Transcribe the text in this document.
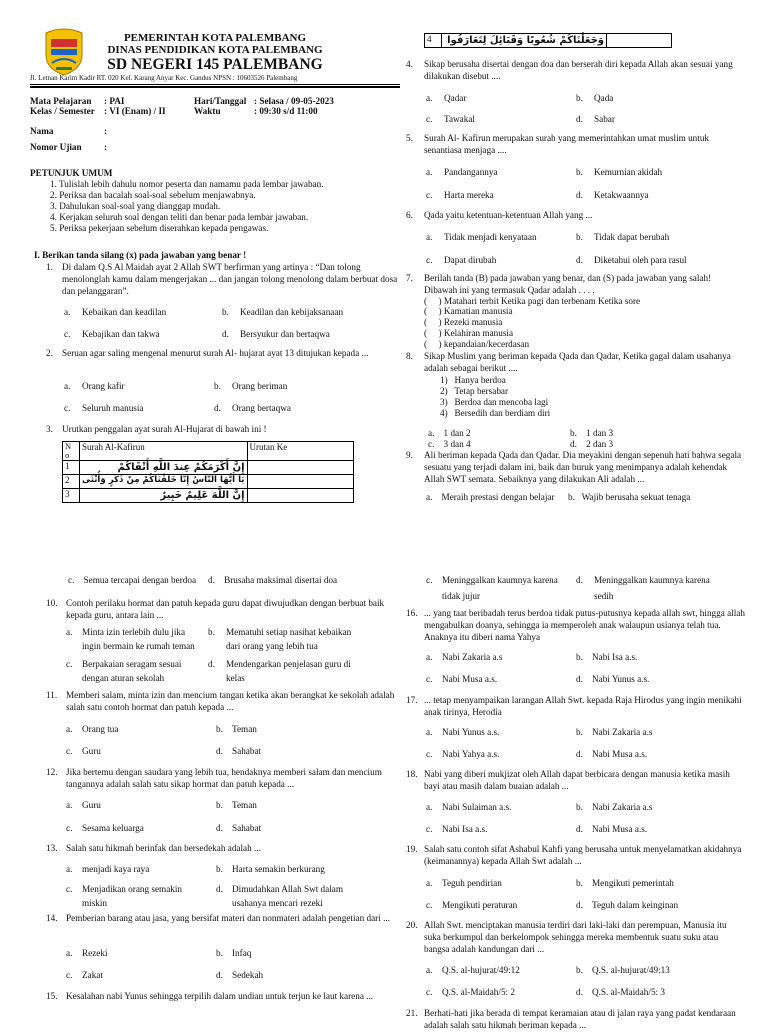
PEMERINTAH KOTA PALEMBANG
DINAS PENDIDIKAN KOTA PALEMBANG
SD NEGERI 145 PALEMBANG
Jl. Letnan Karim Kadir RT. 020 Kel. Karang Anyar Kec. Gandus NPSN : 10603526 Palembang
Mata Pelajaran : PAI
Kelas / Semester : VI (Enam) / II
Hari/Tanggal : Selasa / 09-05-2023
Waktu	: 09:30 s/d 11:00
Nama	:
Nomor Ujian :
PETUNJUK UMUM
1. Tulislah lebih dahulu nomor peserta dan namamu pada lembar jawaban.
2. Periksa dan bacalah soal-soal sebelum menjawabnya.
3. Dahulukan soal-soal yang dianggap mudah.
4. Kerjakan seluruh soal dengan teliti dan benar pada lembar jawaban.
5. Periksa pekerjaan sebelum diserahkan kepada pengawas.
I. Berikan tanda silang (x) pada jawaban yang benar !
1. Di dalam Q.S Al Maidah ayat 2 Allah SWT berfirman yang artinya : “Dan tolong menolonglah kamu dalam mengerjakan ... dan jangan tolong menolong dalam berbuat dosa dan pelanggaran”.
a. Kebaikan dan keadilan	b. Keadilan dan kebijaksanaan
c. Kebajikan dan takwa	d. Bersyukur dan bertaqwa
2. Seruan agar saling mengenal menurut surah Al- hujarat ayat 13 ditujukan kepada ...
a. Orang kafir	b. Orang beriman
c. Seluruh manusia	d. Orang bertaqwa
3. Urutkan penggalan ayat surah Al-Hujarat di bawah ini !
N o	Surah Al-Kafirun	Urutan Ke
1	إِنَّ أَكْرَمَكُمْ عِندَ اللَّهِ أَتْقَاكُمْ	
2	يَا أَيُّهَا النَّاسُ إِنَّا خَلَقْنَاكُمْ مِنْ ذَكَرٍ وَأُنْثَى	
3	إِنَّ اللَّهَ عَلِيمٌ خَبِيرٌ	
4	وَجَعَلْنَاكُمْ شُعُوبًا وَقَبَائِلَ لِتَعَارَفُوا	
4. Sikap berusaha disertai dengan doa dan berserah diri kepada Allah akan sesuai yang dilakukan disebut ....
a. Qadar	b. Qada
c. Tawakal	d. Sabar
5. Surah Al- Kafirun merupakan surah yang memerintahkan umat muslim untuk senantiasa menjaga ....
a. Pandangannya	b. Kemurnian akidah
c. Harta mereka	d. Ketakwaannya
6. Qada yaitu ketentuan-ketentuan Allah yang ...
a. Tidak menjadi kenyataan	b. Tidak dapat berubah
c. Dapat dirubah	d. Diketahui oleh para rasul
7. Berilah tanda (B) pada jawaban yang benar, dan (S) pada jawaban yang salah! Dibawah ini yang termasuk Qadar adalah . . . .
(     ) Matahari terbit Ketika pagi dan terbenam Ketika sore
(     ) Kamatian manusia
(     ) Rezeki manusia
(     ) Kelahiran manusia
(     ) kepandaian/kecerdasan
8. Sikap Muslim yang beriman kepada Qada dan Qadar, Ketika gagal dalam usahanya adalah sebagai berikut ....
1)   Hanya berdoa
2)   Tetap bersabar
3)   Berdoa dan mencoba lagi
4)   Bersedih dan berdiam diri
a.    1 dan 2	b.    1 dan 3
c.    3 dan 4	d.    2 dan 3
9. Ali beriman kepada Qada dan Qadar. Dia meyakini dengan sepenuh hati bahwa segala sesuatu yang terjadi dalam ini, baik dan buruk yang menimpanya adalah kehendak Allah SWT semata. Sebaiknya yang dilakukan Ali adalah ...
a.    Meraih prestasi dengan belajar b.   Wajib berusaha sekuat tenaga
c.    Semua tercapai dengan berdoa d.    Brusaha maksimal disertai doa
10. Contoh perilaku hormat dan patuh kepada guru dapat diwujudkan dengan berbuat baik kepada guru, antara lain ...
a. Minta izin terlebih dulu jika
ingin bermain ke rumah teman
b. Mematuhi setiap nasihat kebaikan
dari orang yang lebih tua
c. Berpakaian seragam sesuai
dengan aturan sekolah
d. Mendengarkan penjelasan guru di
kelas
11. Memberi salam, minta izin dan mencium tangan ketika akan berangkat ke sekolah adalah salah satu contoh hormat dan patuh kepada ...
a. Orang tua	b. Teman
c. Guru	d. Sahabat
12. Jika bertemu dengan saudara yang lebih tua, hendaknya memberi salam dan mencium tangannya adalah salah satu sikap hormat dan patuh kepada ...
a. Guru	b. Teman
c. Sesama keluarga	d. Sahabat
13. Salah satu hikmah berinfak dan bersedekah adalah ...
a. menjadi kaya raya	b. Harta semakin berkurang
c. Menjadikan orang semakin
miskin
d. Dimudahkan Allah Swt dalam
usahanya mencari rezeki
14. Pemberian barang atau jasa, yang bersifat materi dan nonmateri adalah pengetian dari ...
a. Rezeki	b. Infaq
c. Zakat	d. Sedekah
15. Kesalahan nabi Yunus sehingga terpilih dalam undian untuk terjun ke laut karena ...
c. Meninggalkan kaumnya karena
tidak jujur
d. Meninggalkan kaumnya karena
sedih
16. ... yang taat beribadah terus berdoa tidak putus-putusnya kepada allah swt, hingga allah mengabulkan doanya, sehingga ia memperoleh anak walaupun usianya telah tua. Anaknya itu diberi nama Yahya
a. Nabi Zakaria a.s	b. Nabi Isa a.s.
c. Nabi Musa a.s.	d. Nabi Yunus a.s.
17. ... tetap menyampaikan larangan Allah Swt. kepada Raja Hirodus yang ingin menikahi anak tirinya, Herodia
a. Nabi Yunus a.s.	b. Nabi Zakaria a.s
c. Nabi Yahya a.s.	d. Nabi Musa a.s.
18. Nabi yang diberi mukjizat oleh Allah dapat berbicara dengan manusia ketika masih bayi atau masih dalam buaian adalah ...
a. Nabi Sulaiman a.s.	b. Nabi Zakaria a.s
c. Nabi Isa a.s.	d. Nabi Musa a.s.
19. Salah satu contoh sifat Ashabul Kahfi yang berusaha untuk menyelamatkan akidahnya (keimanannya) kepada Allah Swt adalah ...
a. Teguh pendirian	b. Mengikuti pemerintah
c. Mengikuti peraturan	d. Teguh dalam keinginan
20. Allah Swt. menciptakan manusia terdiri dari laki-laki dan perempuan, Manusia itu suka berkumpul dan berkelompok sehingga mereka membentuk suatu suku atau bangsa adalah kandungan dari ...
a. Q.S. al-hujurat/49:12	b. Q.S. al-hujurat/49:13
c. Q.S. al-Maidah/5: 2	d. Q.S. al-Maidah/5: 3
21. Berhati-hati jika berada di tempat keramaian atau di jalan raya yang padat kendaraan adalah salah satu hikmah beriman kepada ...
